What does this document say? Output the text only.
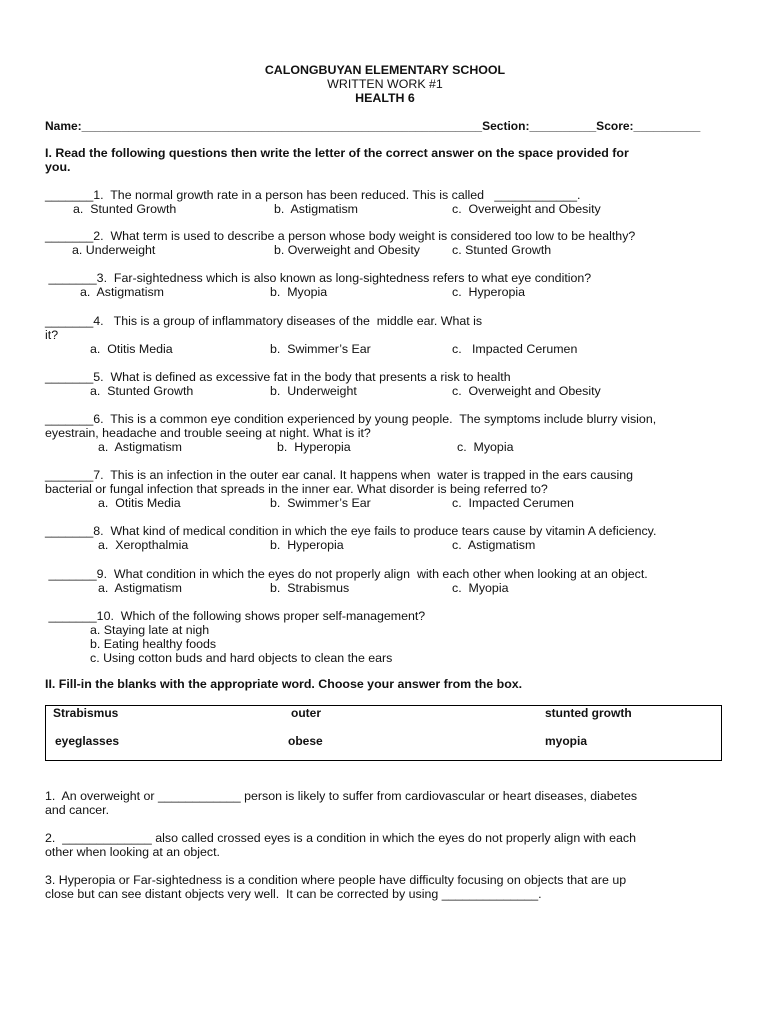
CALONGBUYAN ELEMENTARY SCHOOL
WRITTEN WORK #1
HEALTH 6
Name:____________________________________________________________Section:__________Score:__________
I. Read the following questions then write the letter of the correct answer on the space provided for
you.
_______1.  The normal growth rate in a person has been reduced. This is called   ____________.
a.  Stunted Growth	b.  Astigmatism	c.  Overweight and Obesity
_______2.  What term is used to describe a person whose body weight is considered too low to be healthy?
a. Underweight	b. Overweight and Obesity	c. Stunted Growth
_______3.  Far-sightedness which is also known as long-sightedness refers to what eye condition?
a.  Astigmatism	b.  Myopia	c.  Hyperopia
_______4.   This is a group of inflammatory diseases of the  middle ear. What is
it?
a.  Otitis Media	b.  Swimmer’s Ear	c.   Impacted Cerumen
_______5.  What is defined as excessive fat in the body that presents a risk to health
a.  Stunted Growth	b.  Underweight	c.  Overweight and Obesity
_______6.  This is a common eye condition experienced by young people.  The symptoms include blurry vision,
eyestrain, headache and trouble seeing at night. What is it?
a.  Astigmatism	b.  Hyperopia	c.  Myopia
_______7.  This is an infection in the outer ear canal. It happens when  water is trapped in the ears causing
bacterial or fungal infection that spreads in the inner ear. What disorder is being referred to?
a.  Otitis Media	b.  Swimmer’s Ear	c.  Impacted Cerumen
_______8.  What kind of medical condition in which the eye fails to produce tears cause by vitamin A deficiency.
a.  Xeropthalmia	b.  Hyperopia	c.  Astigmatism
_______9.  What condition in which the eyes do not properly align  with each other when looking at an object.
a.  Astigmatism	b.  Strabismus	c.  Myopia
_______10.  Which of the following shows proper self-management?
a. Staying late at nigh
b. Eating healthy foods
c. Using cotton buds and hard objects to clean the ears
II. Fill-in the blanks with the appropriate word. Choose your answer from the box.
Strabismus	outer	stunted growth
eyeglasses	obese	myopia
1.  An overweight or ____________ person is likely to suffer from cardiovascular or heart diseases, diabetes
and cancer.
2.  _____________ also called crossed eyes is a condition in which the eyes do not properly align with each
other when looking at an object.
3. Hyperopia or Far-sightedness is a condition where people have difficulty focusing on objects that are up
close but can see distant objects very well.  It can be corrected by using ______________.
